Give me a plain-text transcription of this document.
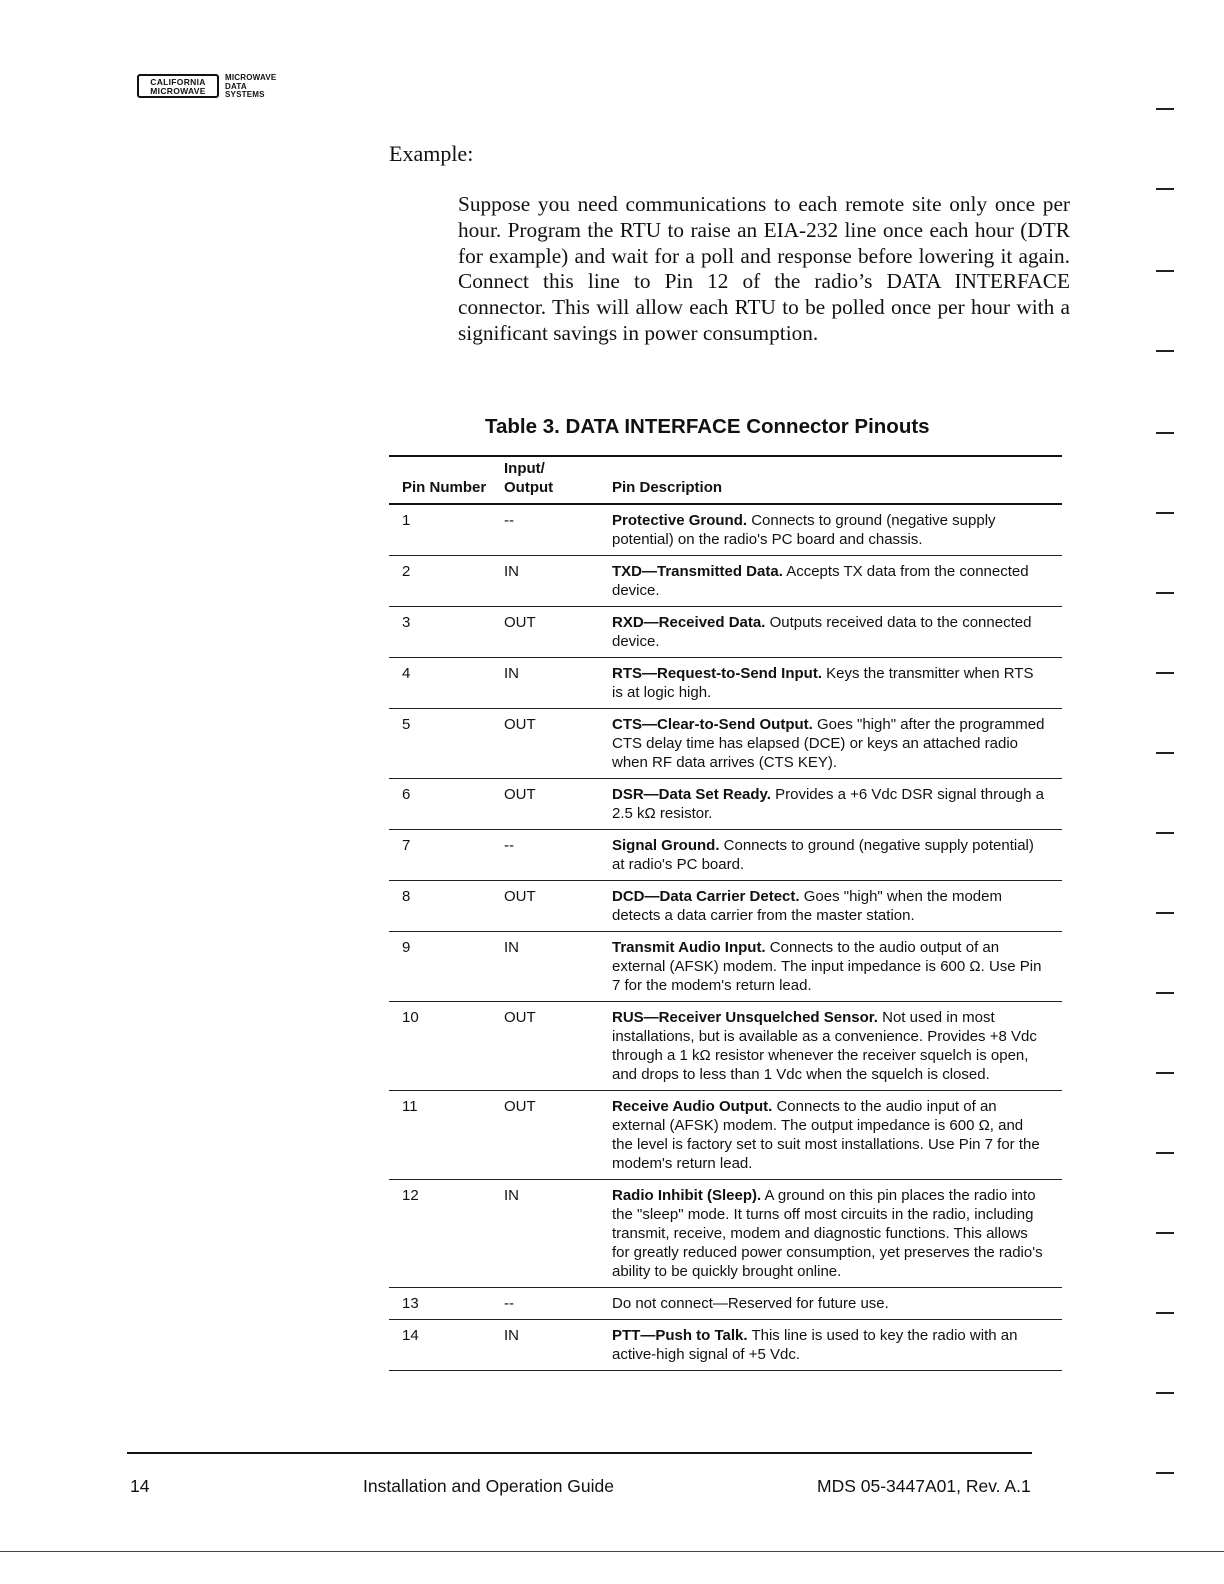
CALIFORNIA
MICROWAVE
MICROWAVE
DATA
SYSTEMS
Example:
Suppose you need communications to each remote site only once per hour. Program the RTU to raise an EIA-232 line once each hour (DTR for example) and wait for a poll and response before lowering it again. Connect this line to Pin 12 of the radio’s DATA INTERFACE connector. This will allow each RTU to be polled once per hour with a significant savings in power consumption.
Table 3. DATA INTERFACE Connector Pinouts
Pin Number	Input/ Output	Pin Description
1	--	Protective Ground. Connects to ground (negative supply potential) on the radio's PC board and chassis.
2	IN	TXD—Transmitted Data. Accepts TX data from the connected device.
3	OUT	RXD—Received Data. Outputs received data to the connected device.
4	IN	RTS—Request-to-Send Input. Keys the transmitter when RTS is at logic high.
5	OUT	CTS—Clear-to-Send Output. Goes "high" after the programmed CTS delay time has elapsed (DCE) or keys an attached radio when RF data arrives (CTS KEY).
6	OUT	DSR—Data Set Ready. Provides a +6 Vdc DSR signal through a 2.5 kΩ resistor.
7	--	Signal Ground. Connects to ground (negative supply potential) at radio's PC board.
8	OUT	DCD—Data Carrier Detect. Goes "high" when the modem detects a data carrier from the master station.
9	IN	Transmit Audio Input. Connects to the audio output of an external (AFSK) modem. The input impedance is 600 Ω. Use Pin 7 for the modem's return lead.
10	OUT	RUS—Receiver Unsquelched Sensor. Not used in most installations, but is available as a convenience. Provides +8 Vdc through a 1 kΩ resistor whenever the receiver squelch is open, and drops to less than 1 Vdc when the squelch is closed.
11	OUT	Receive Audio Output. Connects to the audio input of an external (AFSK) modem. The output impedance is 600 Ω, and the level is factory set to suit most installations. Use Pin 7 for the modem's return lead.
12	IN	Radio Inhibit (Sleep). A ground on this pin places the radio into the "sleep" mode. It turns off most circuits in the radio, including transmit, receive, modem and diagnostic functions. This allows for greatly reduced power consumption, yet preserves the radio's ability to be quickly brought online.
13	--	Do not connect—Reserved for future use.
14	IN	PTT—Push to Talk. This line is used to key the radio with an active-high signal of +5 Vdc.
14	Installation and Operation Guide	MDS 05-3447A01, Rev. A.1
